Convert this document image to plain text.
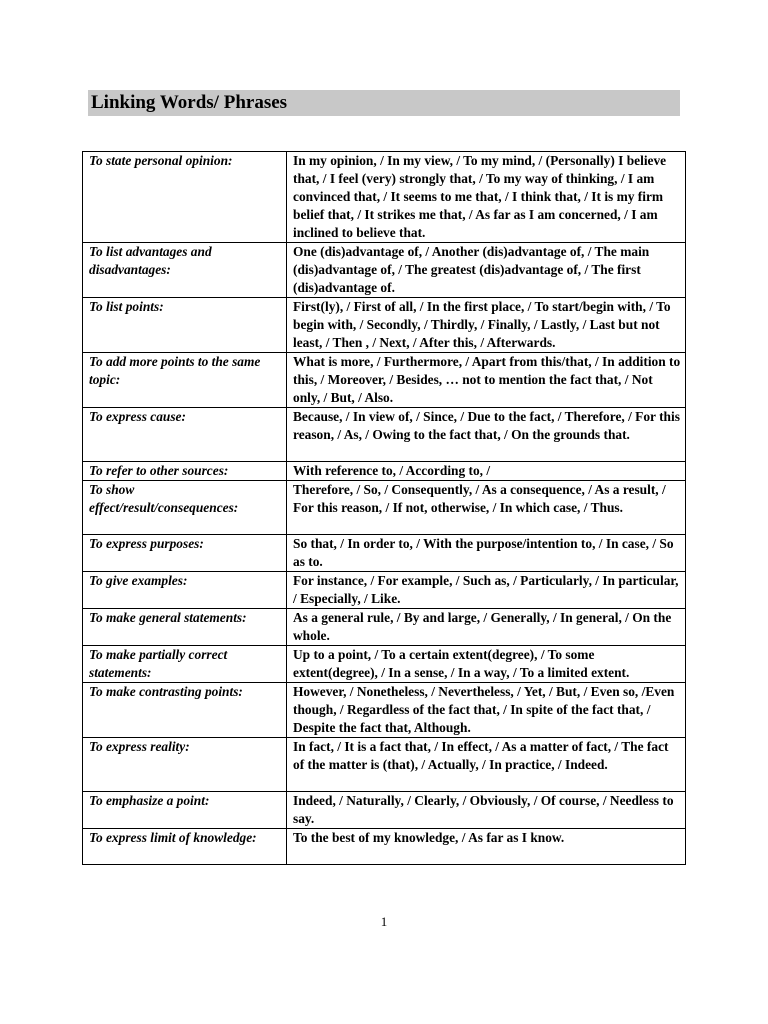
Linking Words/ Phrases
To state personal opinion:	In my opinion, / In my view, / To my mind, / (Personally) I believe that, / I feel (very) strongly that, / To my way of thinking, / I am convinced that, / It seems to me that, / I think that, / It is my firm belief that, / It strikes me that, / As far as I am concerned, / I am inclined to believe that.
To list advantages and disadvantages:	One (dis)advantage of, / Another (dis)advantage of, / The main (dis)advantage of, / The greatest (dis)advantage of, / The first (dis)advantage of.
To list points:	First(ly), / First of all, / In the first place, / To start/begin with, / To begin with, / Secondly, / Thirdly, / Finally, / Lastly, / Last but not least, / Then , / Next, / After this, / Afterwards.
To add more points to the same topic:	What is more, / Furthermore, / Apart from this/that, / In addition to this, / Moreover, / Besides, … not to mention the fact that, / Not only, / But, / Also.
To express cause:	Because, / In view of, / Since, / Due to the fact, / Therefore, / For this reason, / As, / Owing to the fact that, / On the grounds that.
To refer to other sources:	With reference to, / According to, /
To show effect/result/consequences:	Therefore, / So, / Consequently, / As a consequence, / As a result, / For this reason, / If not, otherwise, / In which case, / Thus.
To express purposes:	So that, / In order to, / With the purpose/intention to, / In case, / So as to.
To give examples:	For instance, / For example, / Such as, / Particularly, / In particular, / Especially, / Like.
To make general statements:	As a general rule, / By and large, / Generally, / In general, / On the whole.
To make partially correct statements:	Up to a point, / To a certain extent(degree), / To some extent(degree), / In a sense, / In a way, / To a limited extent.
To make contrasting points:	However, / Nonetheless, / Nevertheless, / Yet, / But, / Even so, /Even though, / Regardless of the fact that, / In spite of the fact that, / Despite the fact that, Although.
To express reality:	In fact, / It is a fact that, / In effect, / As a matter of fact, / The fact of the matter is (that), / Actually, / In practice, / Indeed.
To emphasize a point:	Indeed, / Naturally, / Clearly, / Obviously, / Of course, / Needless to say.
To express limit of knowledge:	To the best of my knowledge, / As far as I know.
1
